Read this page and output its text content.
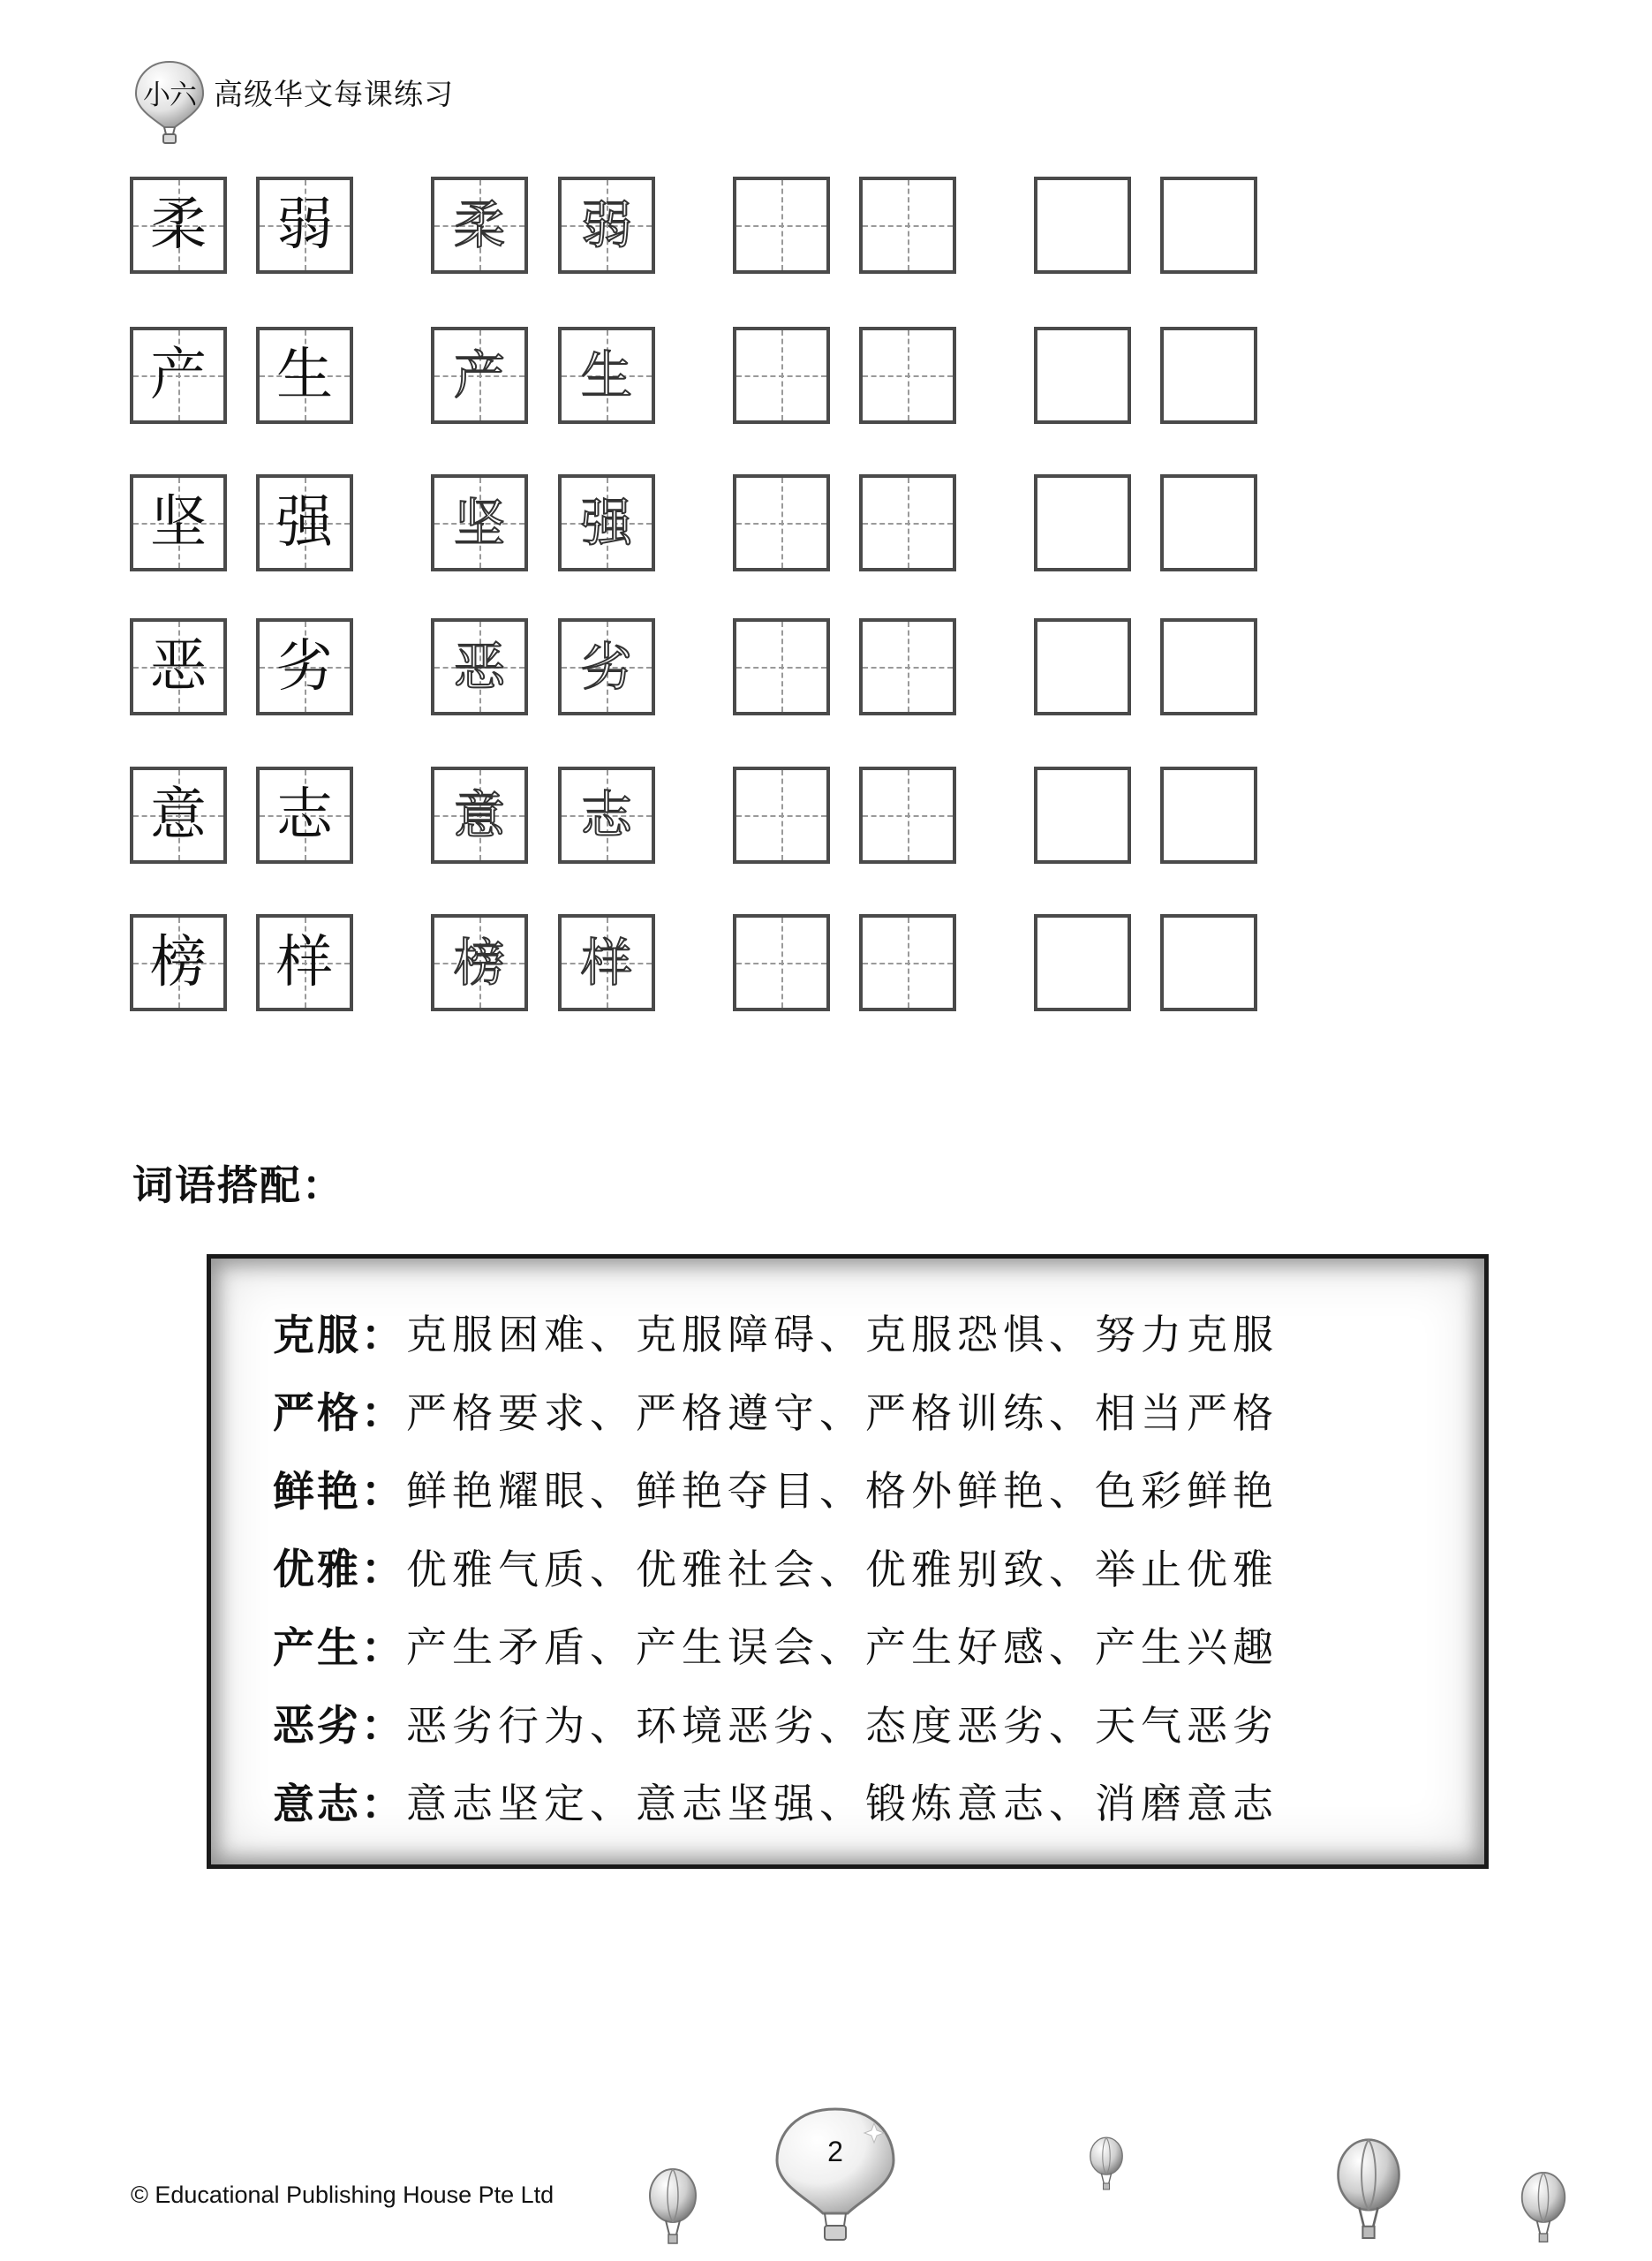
小六 高级华文每课练习
柔 弱	柔	弱
产 生	产	生
坚 强	坚	强
恶 劣	恶	劣
意 志	意	志
榜 样	榜	样
词语搭配：
克服 ： 克服困难、克服障碍、克服恐惧、努力克服
严格 ： 严格要求、严格遵守、严格训练、相当严格
鲜艳 ： 鲜艳耀眼、鲜艳夺目、格外鲜艳、色彩鲜艳
优雅 ： 优雅气质、优雅社会、优雅别致、举止优雅
产生 ： 产生矛盾、产生误会、产生好感、产生兴趣
恶劣 ： 恶劣行为、环境恶劣、态度恶劣、天气恶劣
意志 ： 意志坚定、意志坚强、锻炼意志、消磨意志
© Educational Publishing House Pte Ltd
2
